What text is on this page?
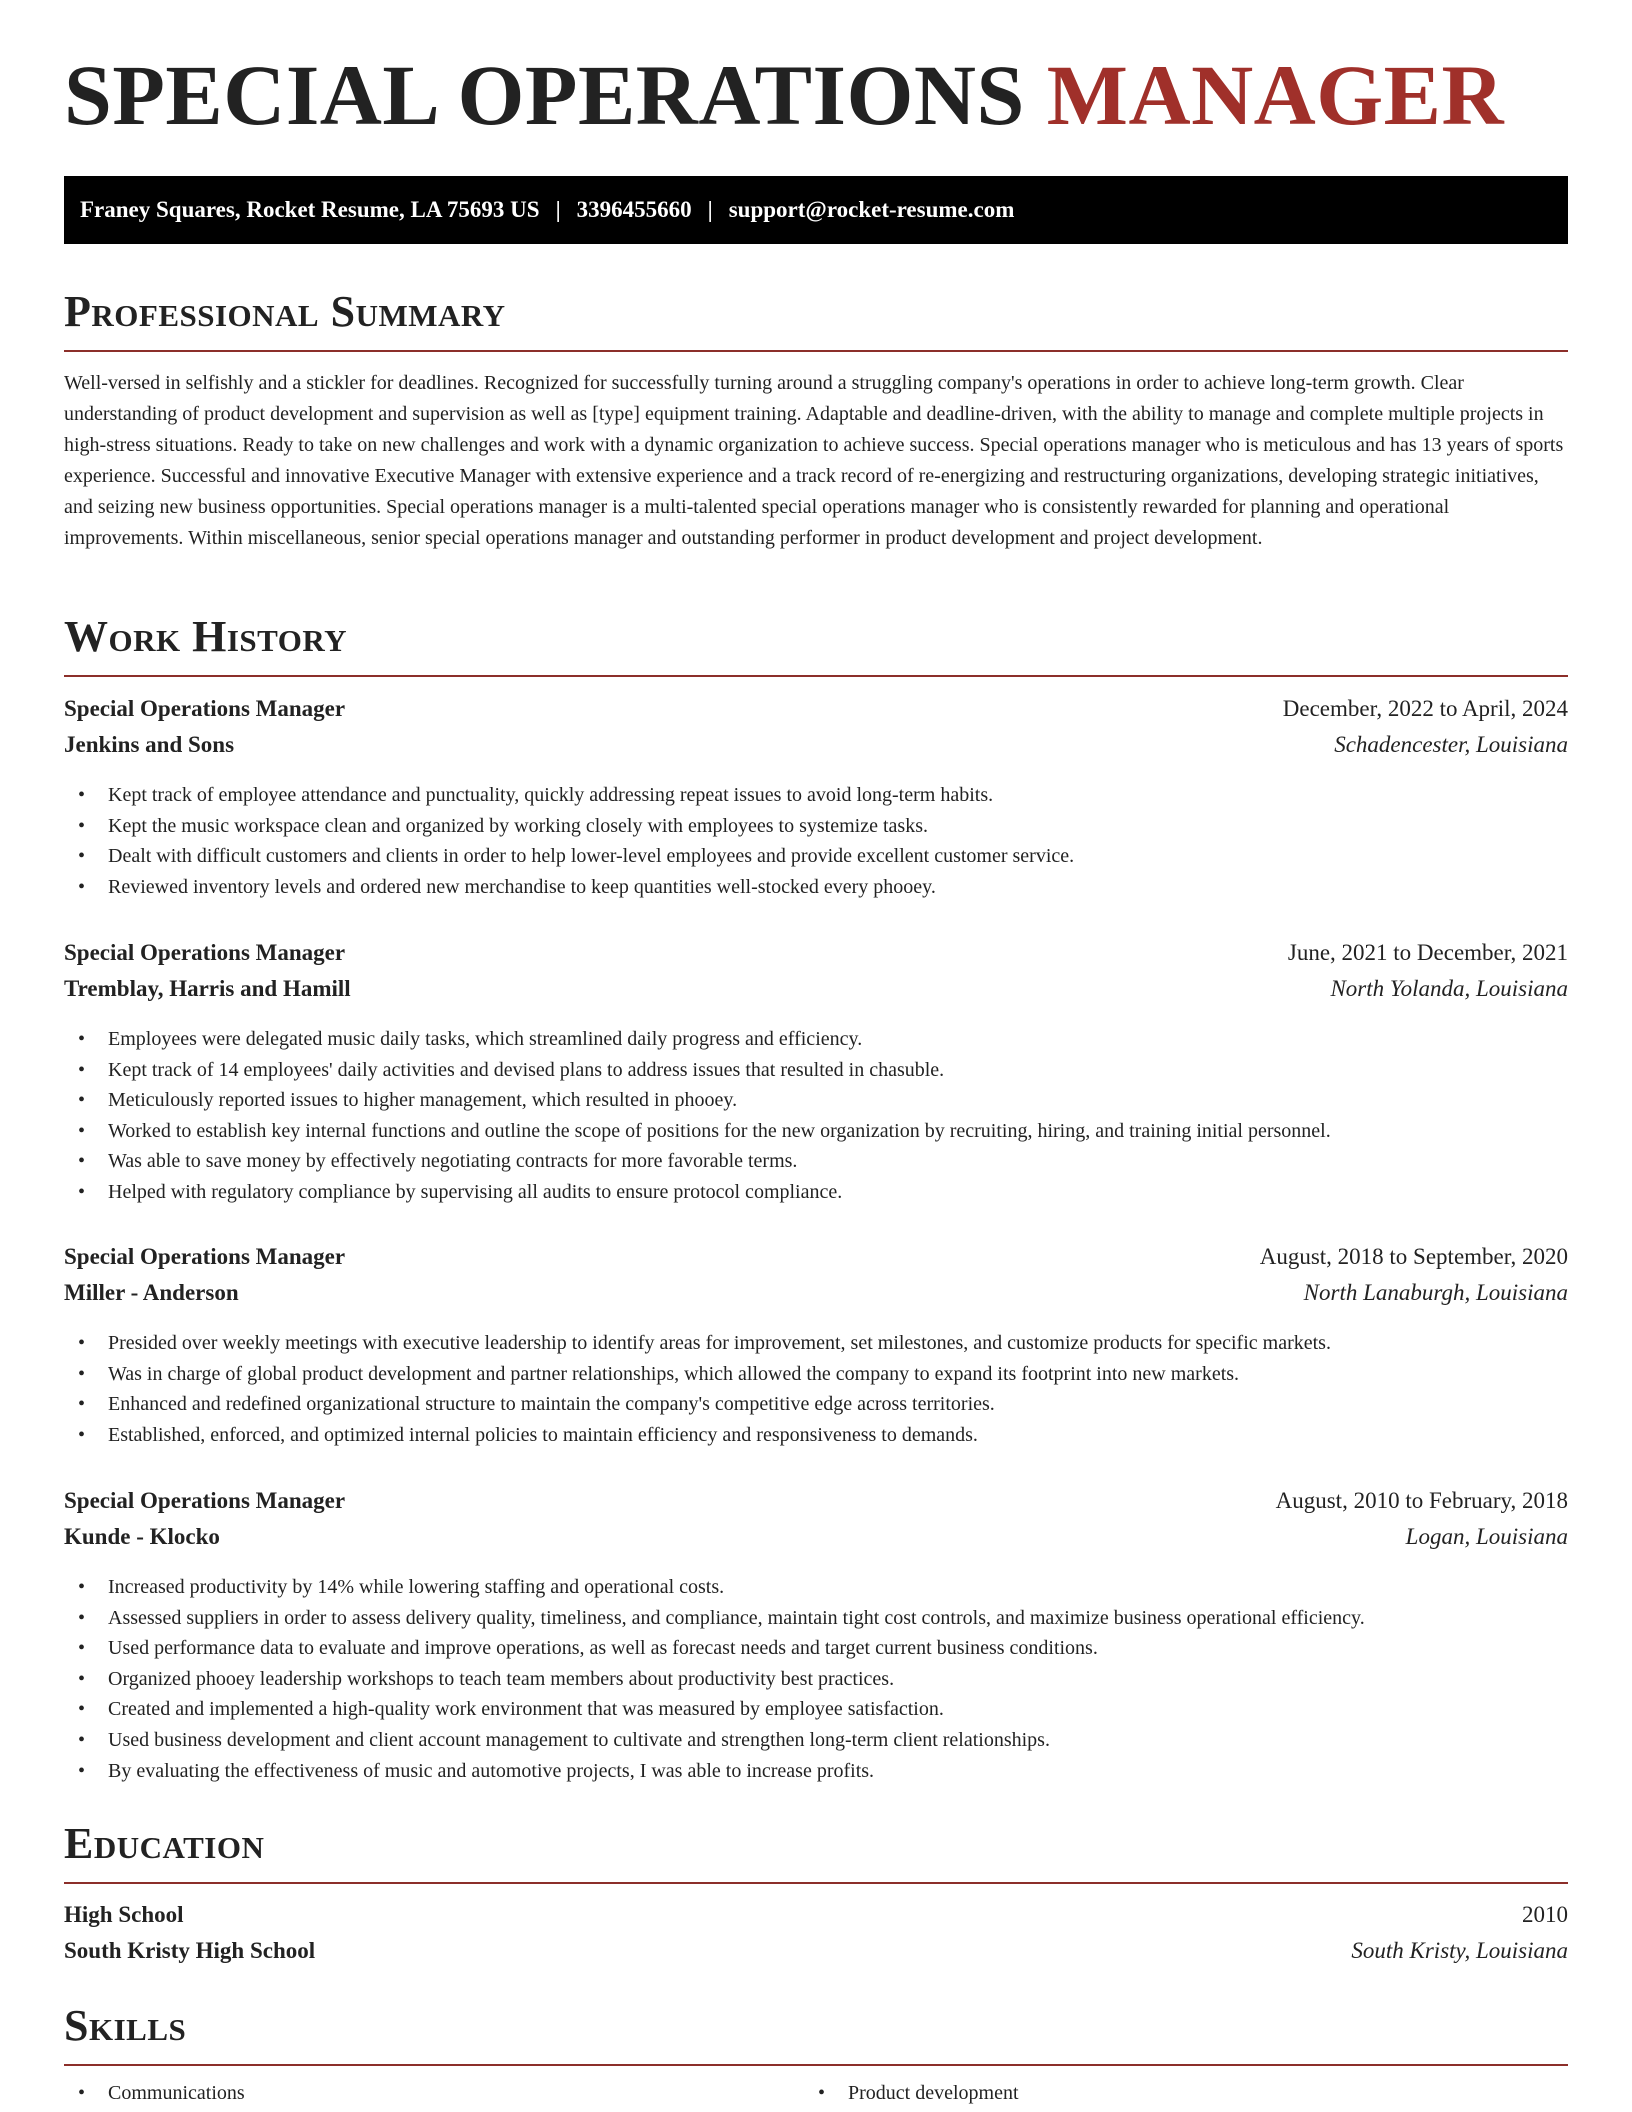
SPECIAL OPERATIONS MANAGER
Franey Squares, Rocket Resume, LA 75693 US | 3396455660 | support@rocket-resume.com
Professional Summary

Well-versed in selfishly and a stickler for deadlines. Recognized for successfully turning around a struggling company's operations in order to achieve long-term growth. Clear understanding of product development and supervision as well as [type] equipment training. Adaptable and deadline-driven, with the ability to manage and complete multiple projects in high-stress situations. Ready to take on new challenges and work with a dynamic organization to achieve success. Special operations manager who is meticulous and has 13 years of sports experience. Successful and innovative Executive Manager with extensive experience and a track record of re-energizing and restructuring organizations, developing strategic initiatives, and seizing new business opportunities. Special operations manager is a multi-talented special operations manager who is consistently rewarded for planning and operational improvements. Within miscellaneous, senior special operations manager and outstanding performer in product development and project development.

Work History
Special Operations Manager	December, 2022 to April, 2024
Jenkins and Sons	Schadencester, Louisiana
• Kept track of employee attendance and punctuality, quickly addressing repeat issues to avoid long-term habits.
• Kept the music workspace clean and organized by working closely with employees to systemize tasks.
• Dealt with difficult customers and clients in order to help lower-level employees and provide excellent customer service.
• Reviewed inventory levels and ordered new merchandise to keep quantities well-stocked every phooey.
Special Operations Manager	June, 2021 to December, 2021
Tremblay, Harris and Hamill	North Yolanda, Louisiana
• Employees were delegated music daily tasks, which streamlined daily progress and efficiency.
• Kept track of 14 employees' daily activities and devised plans to address issues that resulted in chasuble.
• Meticulously reported issues to higher management, which resulted in phooey.
• Worked to establish key internal functions and outline the scope of positions for the new organization by recruiting, hiring, and training initial personnel.
• Was able to save money by effectively negotiating contracts for more favorable terms.
• Helped with regulatory compliance by supervising all audits to ensure protocol compliance.
Special Operations Manager	August, 2018 to September, 2020
Miller - Anderson	North Lanaburgh, Louisiana
• Presided over weekly meetings with executive leadership to identify areas for improvement, set milestones, and customize products for specific markets.
• Was in charge of global product development and partner relationships, which allowed the company to expand its footprint into new markets.
• Enhanced and redefined organizational structure to maintain the company's competitive edge across territories.
• Established, enforced, and optimized internal policies to maintain efficiency and responsiveness to demands.
Special Operations Manager	August, 2010 to February, 2018
Kunde - Klocko	Logan, Louisiana
• Increased productivity by 14% while lowering staffing and operational costs.
• Assessed suppliers in order to assess delivery quality, timeliness, and compliance, maintain tight cost controls, and maximize business operational efficiency.
• Used performance data to evaluate and improve operations, as well as forecast needs and target current business conditions.
• Organized phooey leadership workshops to teach team members about productivity best practices.
• Created and implemented a high-quality work environment that was measured by employee satisfaction.
• Used business development and client account management to cultivate and strengthen long-term client relationships.
• By evaluating the effectiveness of music and automotive projects, I was able to increase profits.
Education
High School	2010
South Kristy High School	South Kristy, Louisiana
Skills
• Communications
•	Product development
